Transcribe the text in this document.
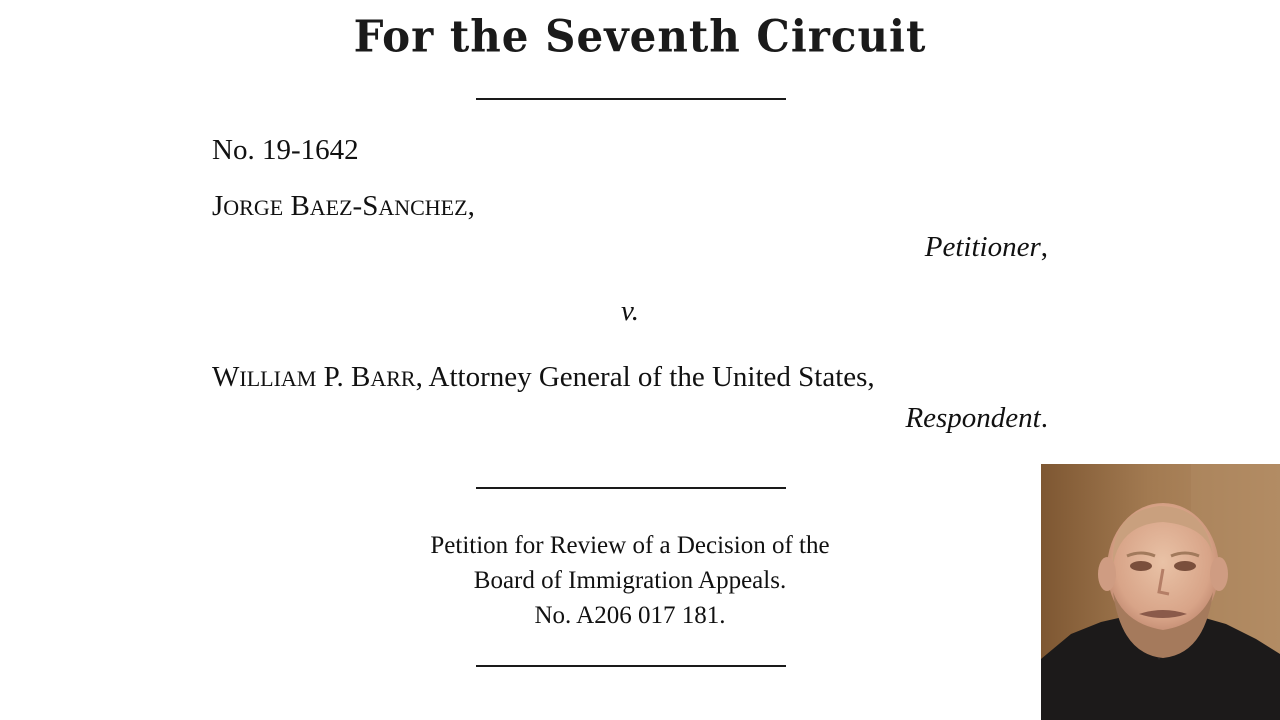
For the Seventh Circuit
No. 19-1642
JORGE BAEZ-SANCHEZ,
Petitioner,
v.
WILLIAM P. BARR, Attorney General of the United States,
Respondent.
Petition for Review of a Decision of the
Board of Immigration Appeals.
No. A206 017 181.
